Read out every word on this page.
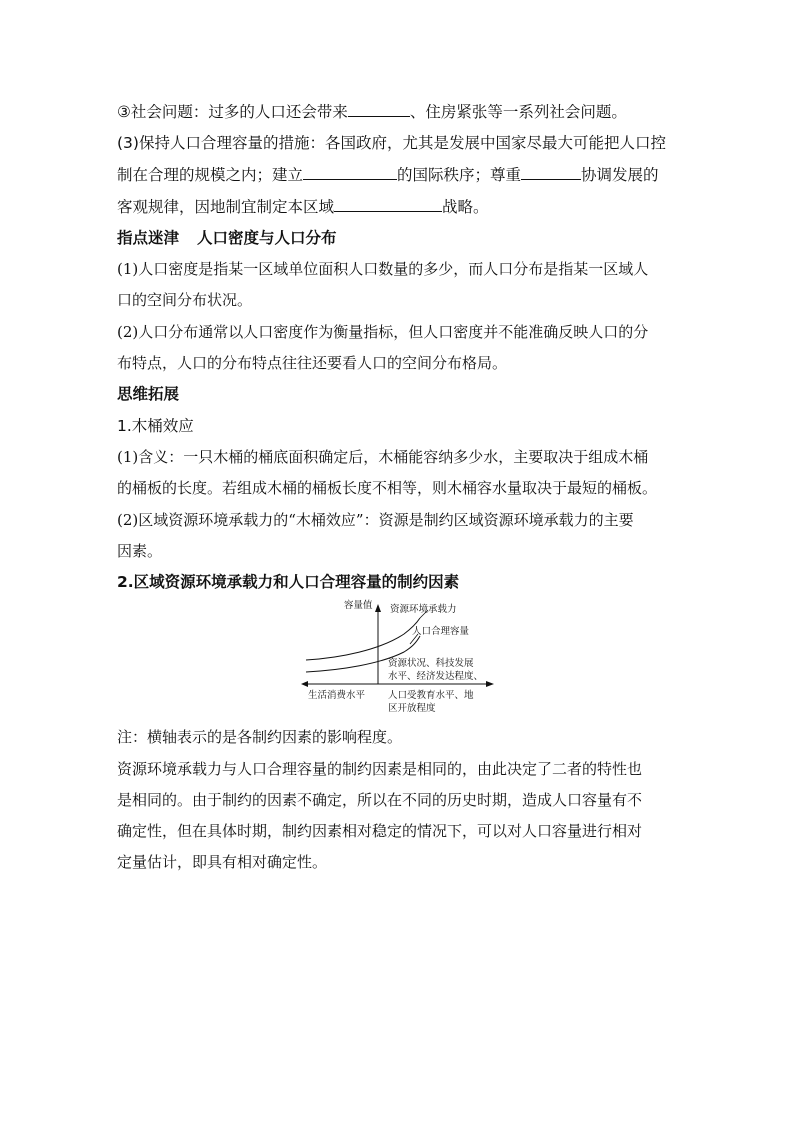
③社会问题：过多的人口还会带来	、住房紧张等一系列社会问题。
(3)保持人口合理容量的措施：各国政府，尤其是发展中国家尽最大可能把人口控
制在合理的规模之内；建立	的国际秩序；尊重	协调发展的
客观规律，因地制宜制定本区域	战略。
指点迷津 人口密度与人口分布
(1)人口密度是指某一区域单位面积人口数量的多少，而人口分布是指某一区域人
口的空间分布状况。
(2)人口分布通常以人口密度作为衡量指标，但人口密度并不能准确反映人口的分
布特点，人口的分布特点往往还要看人口的空间分布格局。
思维拓展
1.木桶效应
(1)含义：一只木桶的桶底面积确定后，木桶能容纳多少水，主要取决于组成木桶
的桶板的长度。若组成木桶的桶板长度不相等，则木桶容水量取决于最短的桶板。
(2)区域资源环境承载力的“木桶效应”：资源是制约区域资源环境承载力的主要
因素。
2.区域资源环境承载力和人口合理容量的制约因素
容量值 资源环境承载力
人口合理容量
资源状况、科技发展
水平、经济发达程度、
生活消费水平 人口受教育水平、地
区开放程度
注：横轴表示的是各制约因素的影响程度。
资源环境承载力与人口合理容量的制约因素是相同的，由此决定了二者的特性也
是相同的。由于制约的因素不确定，所以在不同的历史时期，造成人口容量有不
确定性，但在具体时期，制约因素相对稳定的情况下，可以对人口容量进行相对
定量估计，即具有相对确定性。
